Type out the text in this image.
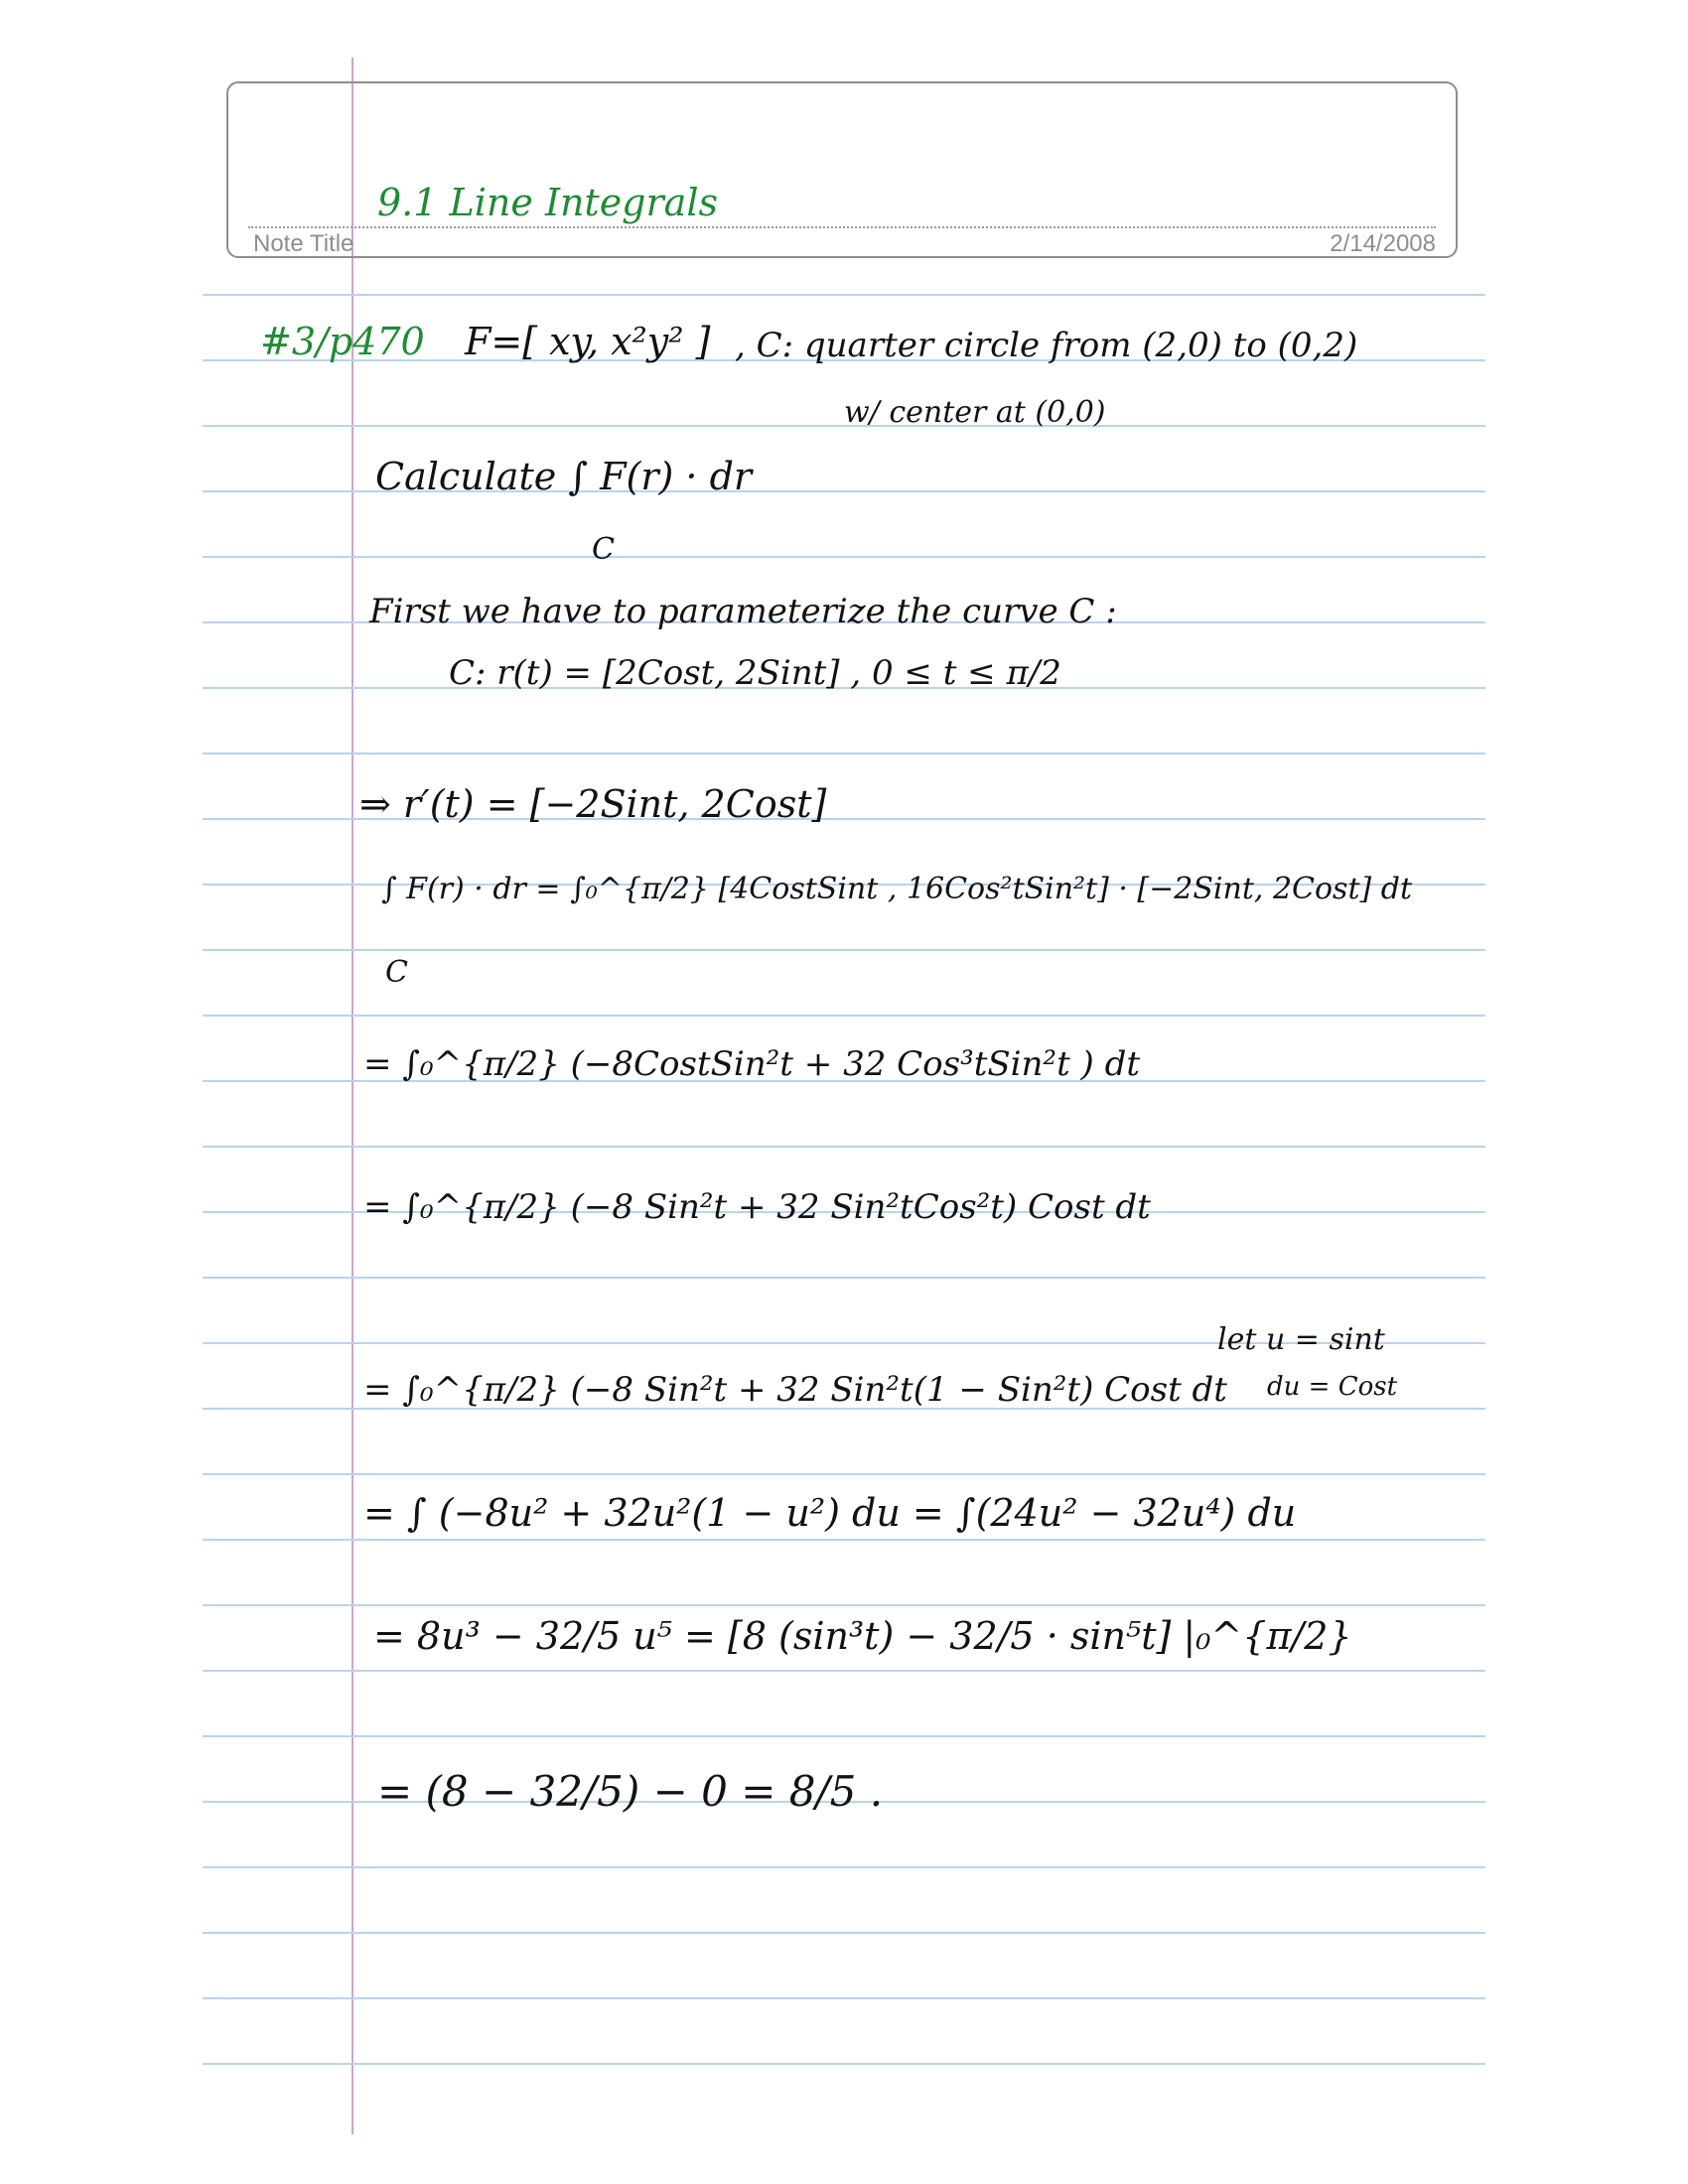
Note Title	2/14/2008
9.1 Line Integrals
#3/p470 F=[ xy, x²y² ] , C: quarter circle from (2,0) to (0,2)
w/ center at (0,0)
Calculate ∫ F(r) · dr
C
First we have to parameterize the curve C :
C: r(t) = [2Cost, 2Sint] , 0 ≤ t ≤ π/2
⇒ r′(t) = [−2Sint, 2Cost]
∫ F(r) · dr = ∫₀^{π/2} [4CostSint , 16Cos²tSin²t] · [−2Sint, 2Cost] dt
C
= ∫₀^{π/2} (−8CostSin²t + 32 Cos³tSin²t ) dt
= ∫₀^{π/2} (−8 Sin²t + 32 Sin²tCos²t) Cost dt
= ∫₀^{π/2} (−8 Sin²t + 32 Sin²t(1 − Sin²t) Cost dt
let u = sint
du = Cost
= ∫ (−8u² + 32u²(1 − u²) du = ∫(24u² − 32u⁴) du
= 8u³ − 32/5 u⁵ = [8 (sin³t) − 32/5 · sin⁵t] |₀^{π/2}
= (8 − 32/5) − 0 = 8/5 .
